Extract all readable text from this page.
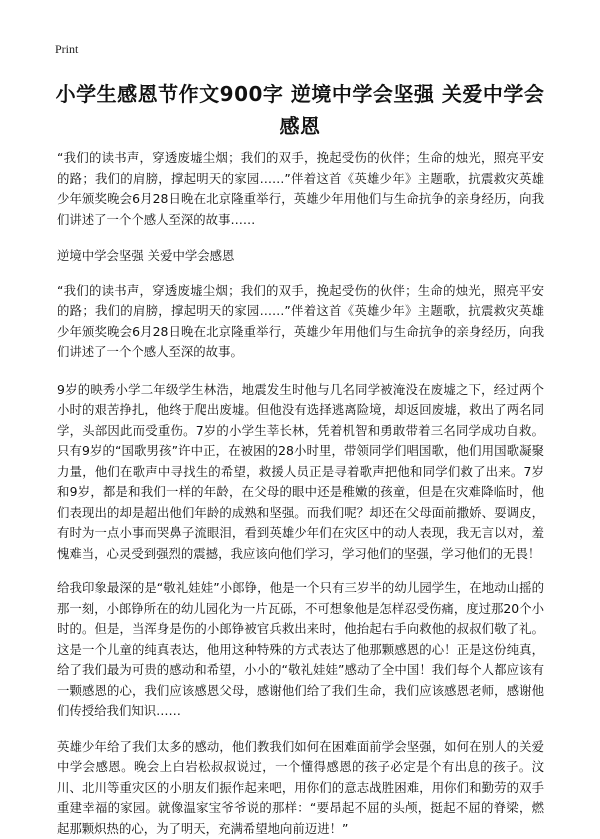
Print
小学生感恩节作文900字 逆境中学会坚强 关爱中学会感恩

“我们的读书声，穿透废墟尘烟；我们的双手，挽起受伤的伙伴；生命的烛光，照亮平安的路；我们的肩膀，撑起明天的家园……”伴着这首《英雄少年》主题歌，抗震救灾英雄少年颁奖晚会6月28日晚在北京隆重举行，英雄少年用他们与生命抗争的亲身经历，向我们讲述了一个个感人至深的故事……

逆境中学会坚强 关爱中学会感恩

“我们的读书声，穿透废墟尘烟；我们的双手，挽起受伤的伙伴；生命的烛光，照亮平安的路；我们的肩膀，撑起明天的家园……”伴着这首《英雄少年》主题歌，抗震救灾英雄少年颁奖晚会6月28日晚在北京隆重举行，英雄少年用他们与生命抗争的亲身经历，向我们讲述了一个个感人至深的故事。

9岁的映秀小学二年级学生林浩，地震发生时他与几名同学被淹没在废墟之下，经过两个小时的艰苦挣扎，他终于爬出废墟。但他没有选择逃离险境，却返回废墟，救出了两名同学，头部因此而受重伤。7岁的小学生莘长林，凭着机智和勇敢带着三名同学成功自救。只有9岁的“国歌男孩”许中正，在被困的28小时里，带领同学们唱国歌，他们用国歌凝聚力量，他们在歌声中寻找生的希望，救援人员正是寻着歌声把他和同学们救了出来。7岁和9岁，都是和我们一样的年龄，在父母的眼中还是稚嫩的孩童，但是在灾难降临时，他们表现出的却是超出他们年龄的成熟和坚强。而我们呢？却还在父母面前撒娇、耍调皮，有时为一点小事而哭鼻子流眼泪，看到英雄少年们在灾区中的动人表现，我无言以对，羞愧难当，心灵受到强烈的震撼，我应该向他们学习，学习他们的坚强，学习他们的无畏！

给我印象最深的是“敬礼娃娃”小郎铮，他是一个只有三岁半的幼儿园学生，在地动山摇的那一刻，小郎铮所在的幼儿园化为一片瓦砾，不可想象他是怎样忍受伤痛，度过那20个小时的。但是，当浑身是伤的小郎铮被官兵救出来时，他抬起右手向救他的叔叔们敬了礼。这是一个儿童的纯真表达，他用这种特殊的方式表达了他那颗感恩的心！正是这份纯真，给了我们最为可贵的感动和希望，小小的“敬礼娃娃”感动了全中国！我们每个人都应该有一颗感恩的心，我们应该感恩父母，感谢他们给了我们生命，我们应该感恩老师，感谢他们传授给我们知识……

英雄少年给了我们太多的感动，他们教我们如何在困难面前学会坚强，如何在别人的关爱中学会感恩。晚会上白岩松叔叔说过，一个懂得感恩的孩子必定是个有出息的孩子。汶川、北川等重灾区的小朋友们振作起来吧，用你们的意志战胜困难，用你们和勤劳的双手重建幸福的家园。就像温家宝爷爷说的那样：“要昂起不屈的头颅，挺起不屈的脊梁，燃起那颗炽热的心，为了明天，充满希望地向前迈进！”
